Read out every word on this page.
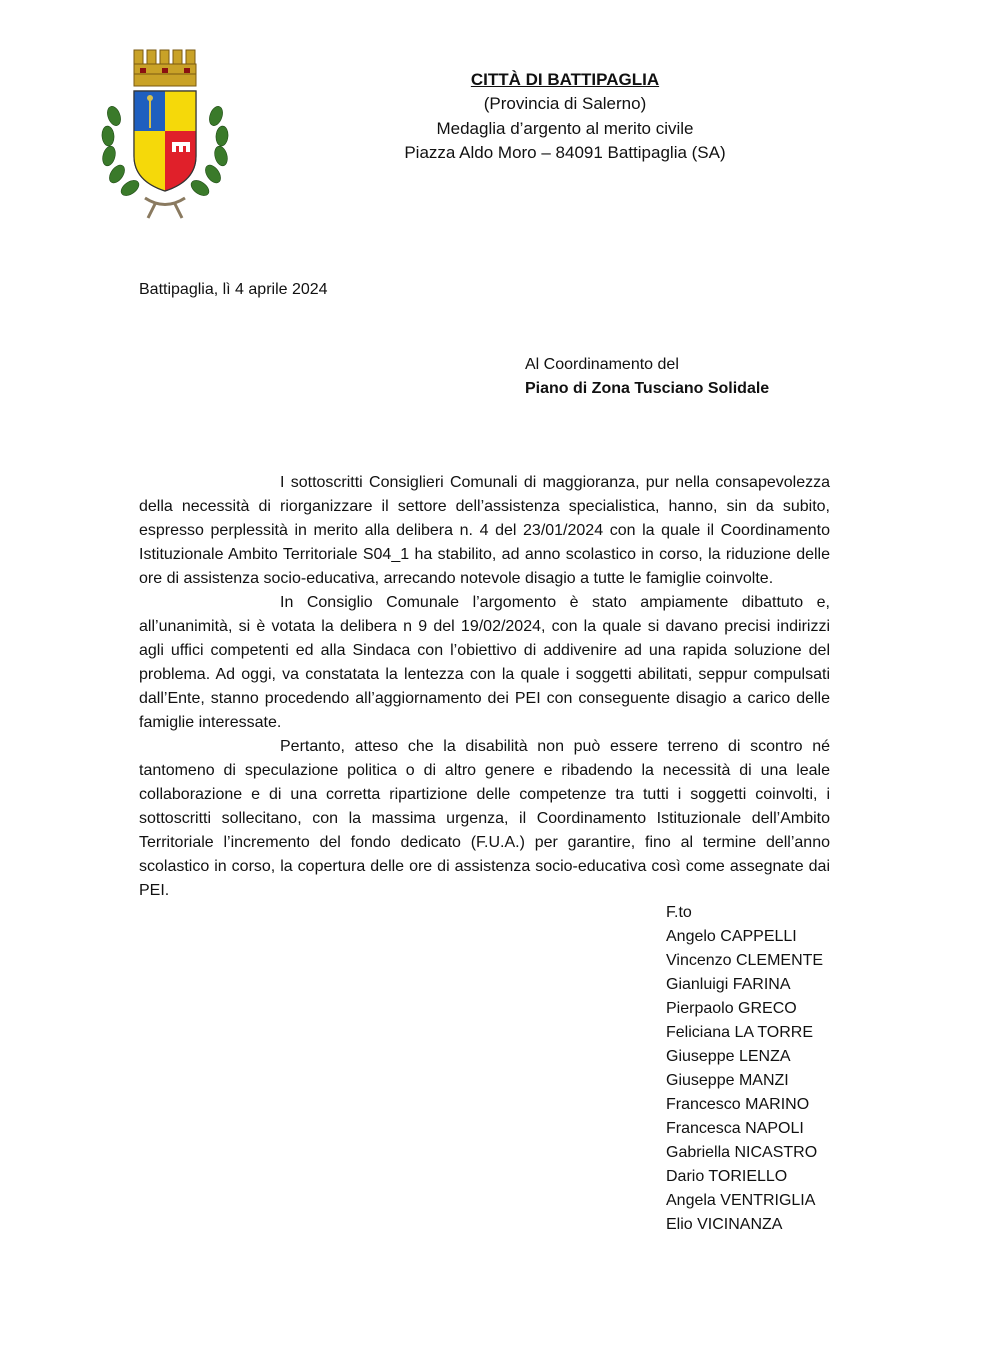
CITTÀ DI BATTIPAGLIA
(Provincia di Salerno)
Medaglia d’argento al merito civile
Piazza Aldo Moro – 84091 Battipaglia (SA)
Battipaglia, lì 4 aprile 2024
Al Coordinamento del
Piano di Zona Tusciano Solidale

I sottoscritti Consiglieri Comunali di maggioranza, pur nella consapevolezza della necessità di riorganizzare il settore dell’assistenza specialistica, hanno, sin da subito, espresso perplessità in merito alla delibera n. 4 del 23/01/2024 con la quale il Coordinamento Istituzionale Ambito Territoriale S04_1 ha stabilito, ad anno scolastico in corso, la riduzione delle ore di assistenza socio-educativa, arrecando notevole disagio a tutte le famiglie coinvolte.

In Consiglio Comunale l’argomento è stato ampiamente dibattuto e, all’unanimità, si è votata la delibera n 9 del 19/02/2024, con la quale si davano precisi indirizzi agli uffici competenti ed alla Sindaca con l’obiettivo di addivenire ad una rapida soluzione del problema. Ad oggi, va constatata la lentezza con la quale i soggetti abilitati, seppur compulsati dall’Ente, stanno procedendo all’aggiornamento dei PEI con conseguente disagio a carico delle famiglie interessate.

Pertanto, atteso che la disabilità non può essere terreno di scontro né tantomeno di speculazione politica o di altro genere e ribadendo la necessità di una leale collaborazione e di una corretta ripartizione delle competenze tra tutti i soggetti coinvolti, i sottoscritti sollecitano, con la massima urgenza, il Coordinamento Istituzionale dell’Ambito Territoriale l’incremento del fondo dedicato (F.U.A.) per garantire, fino al termine dell’anno scolastico in corso, la copertura delle ore di assistenza socio-educativa così come assegnate dai PEI.

F.to
Angelo CAPPELLI
Vincenzo CLEMENTE
Gianluigi FARINA
Pierpaolo GRECO
Feliciana LA TORRE
Giuseppe LENZA
Giuseppe MANZI
Francesco MARINO
Francesca NAPOLI
Gabriella NICASTRO
Dario TORIELLO
Angela VENTRIGLIA
Elio VICINANZA
